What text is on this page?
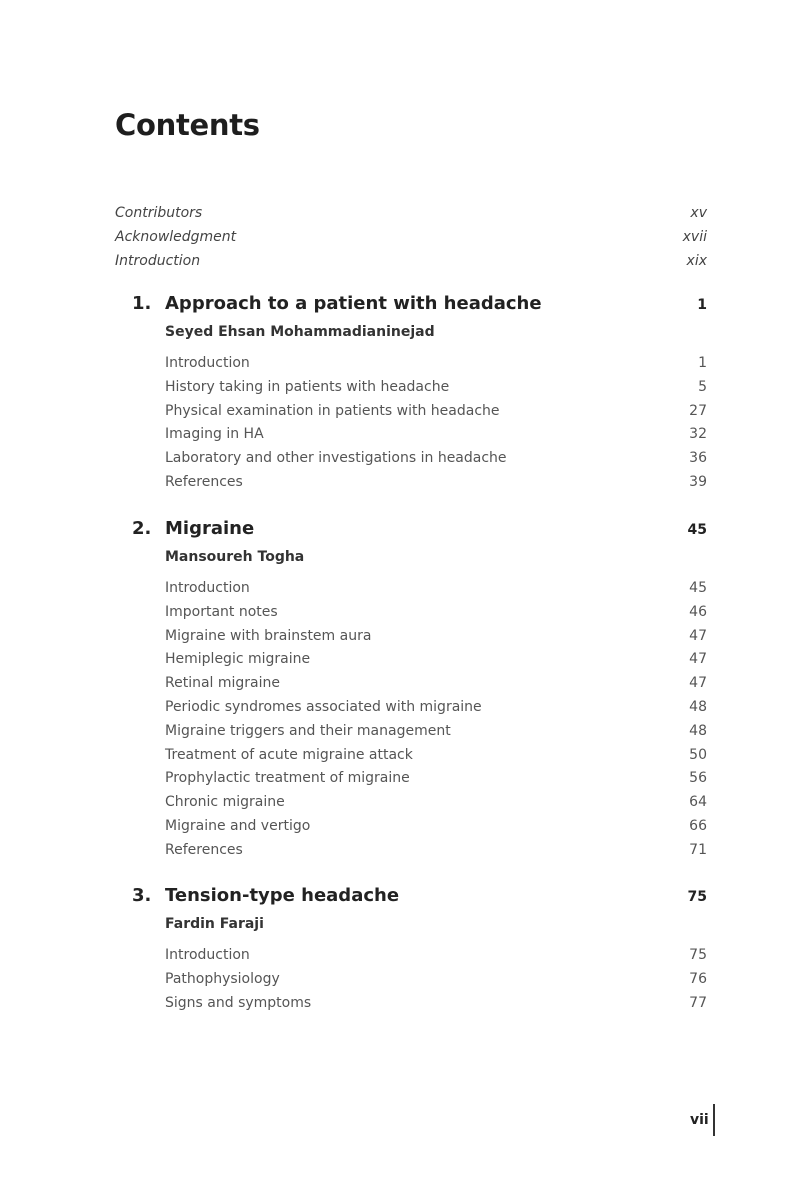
Contents
Contributors	xv
Acknowledgment	xvii
Introduction	xix
1. Approach to a patient with headache	1
Seyed Ehsan Mohammadianinejad
Introduction	1
History taking in patients with headache	5
Physical examination in patients with headache	27
Imaging in HA	32
Laboratory and other investigations in headache	36
References	39
2. Migraine	45
Mansoureh Togha
Introduction	45
Important notes	46
Migraine with brainstem aura	47
Hemiplegic migraine	47
Retinal migraine	47
Periodic syndromes associated with migraine	48
Migraine triggers and their management	48
Treatment of acute migraine attack	50
Prophylactic treatment of migraine	56
Chronic migraine	64
Migraine and vertigo	66
References	71
3. Tension-type headache	75
Fardin Faraji
Introduction	75
Pathophysiology	76
Signs and symptoms	77
vii
